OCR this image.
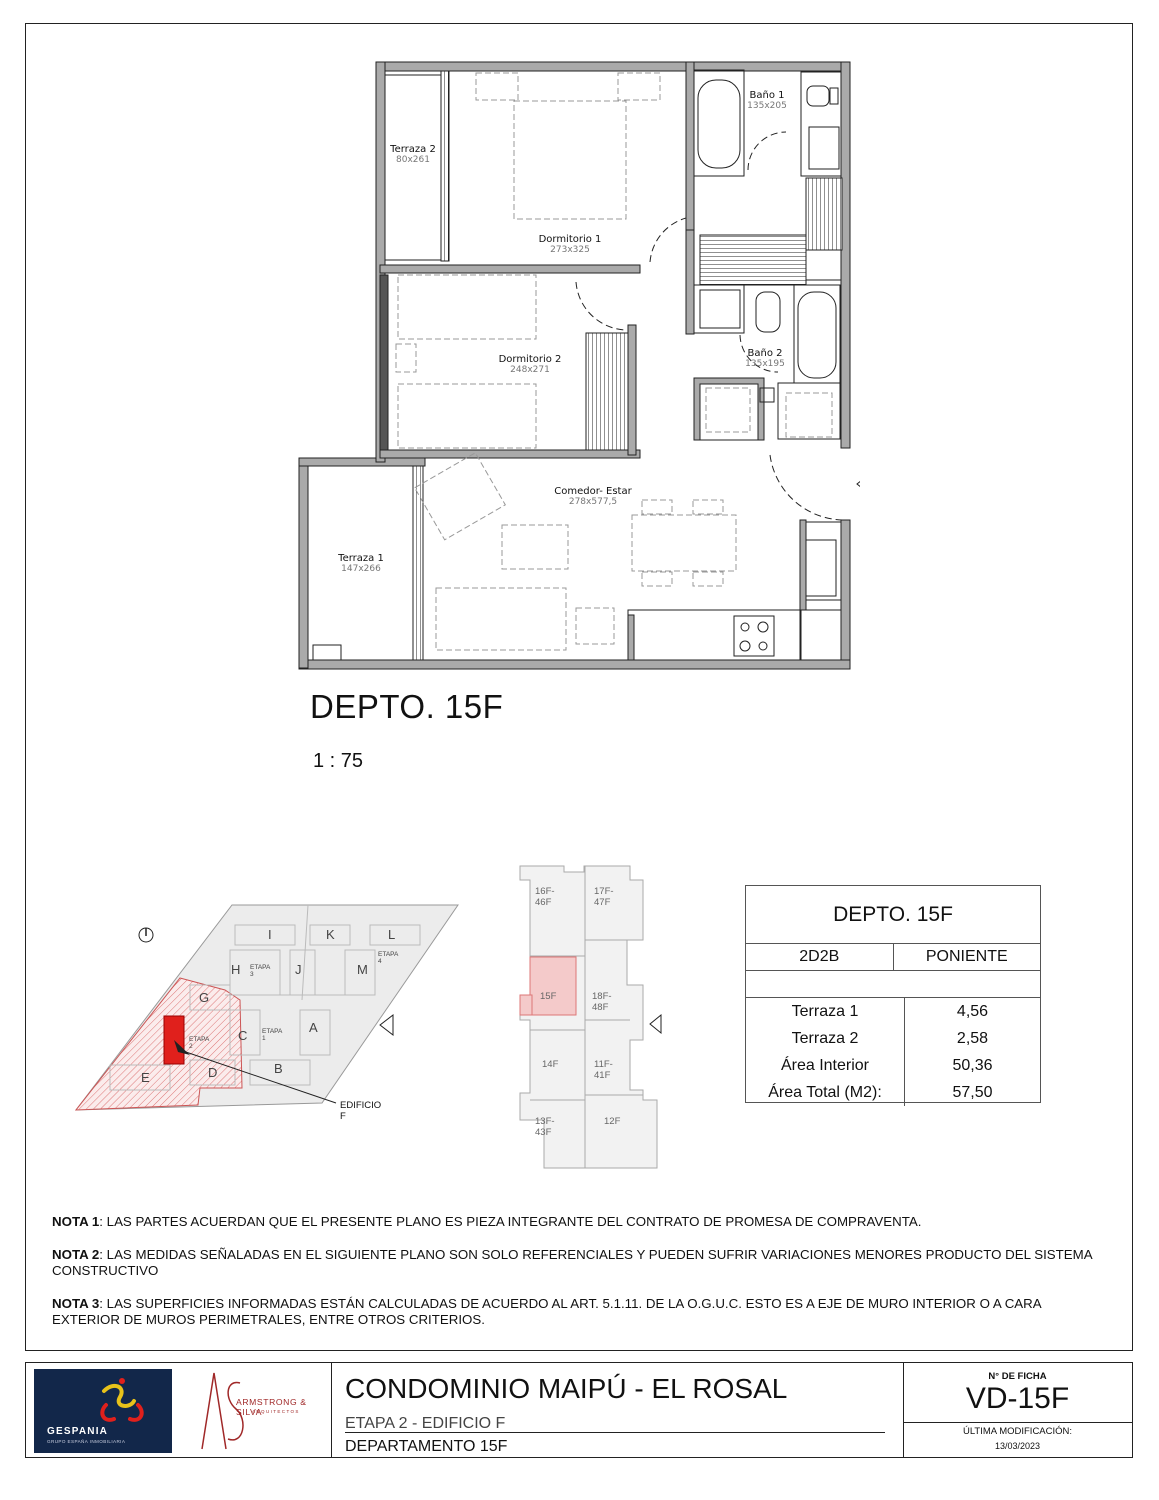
Terraza 2
80x261
Dormitorio 1
273x325
Baño 1
135x205
Dormitorio 2
248x271
Baño 2
135x195
Comedor- Estar
278x577,5
Terraza 1
147x266
DEPTO. 15F
1 : 75
I	K	L
H	J	M
G
C
A
E	D	B
ETAPA 3
ETAPA 4
ETAPA 1
ETAPA 2
EDIFICIO F
16F-46F
17F-47F
15F	18F-48F
14F	11F-41F
13F-43F
12F
DEPTO. 15F
2D2B	PONIENTE
Terraza 1	4,56
Terraza 2	2,58
Área Interior	50,36
Área Total (M2):	57,50

NOTA 1: LAS PARTES ACUERDAN QUE EL PRESENTE PLANO ES PIEZA INTEGRANTE DEL CONTRATO DE PROMESA DE COMPRAVENTA.

NOTA 2: LAS MEDIDAS SEÑALADAS EN EL SIGUIENTE PLANO SON SOLO REFERENCIALES Y PUEDEN SUFRIR VARIACIONES MENORES PRODUCTO DEL SISTEMA CONSTRUCTIVO

NOTA 3: LAS SUPERFICIES INFORMADAS ESTÁN CALCULADAS DE ACUERDO AL ART. 5.1.11. DE LA O.G.U.C. ESTO ES A EJE DE MURO INTERIOR O A CARA EXTERIOR DE MUROS PERIMETRALES, ENTRE OTROS CRITERIOS.

GESPANIA
GRUPO ESPAÑA INMOBILIARIA
ARMSTRONG & SILVA
ARQUITECTOS
CONDOMINIO MAIPÚ - EL ROSAL
ETAPA 2 - EDIFICIO F
DEPARTAMENTO 15F
N° DE FICHA
VD-15F
ÚLTIMA MODIFICACIÓN:
13/03/2023
